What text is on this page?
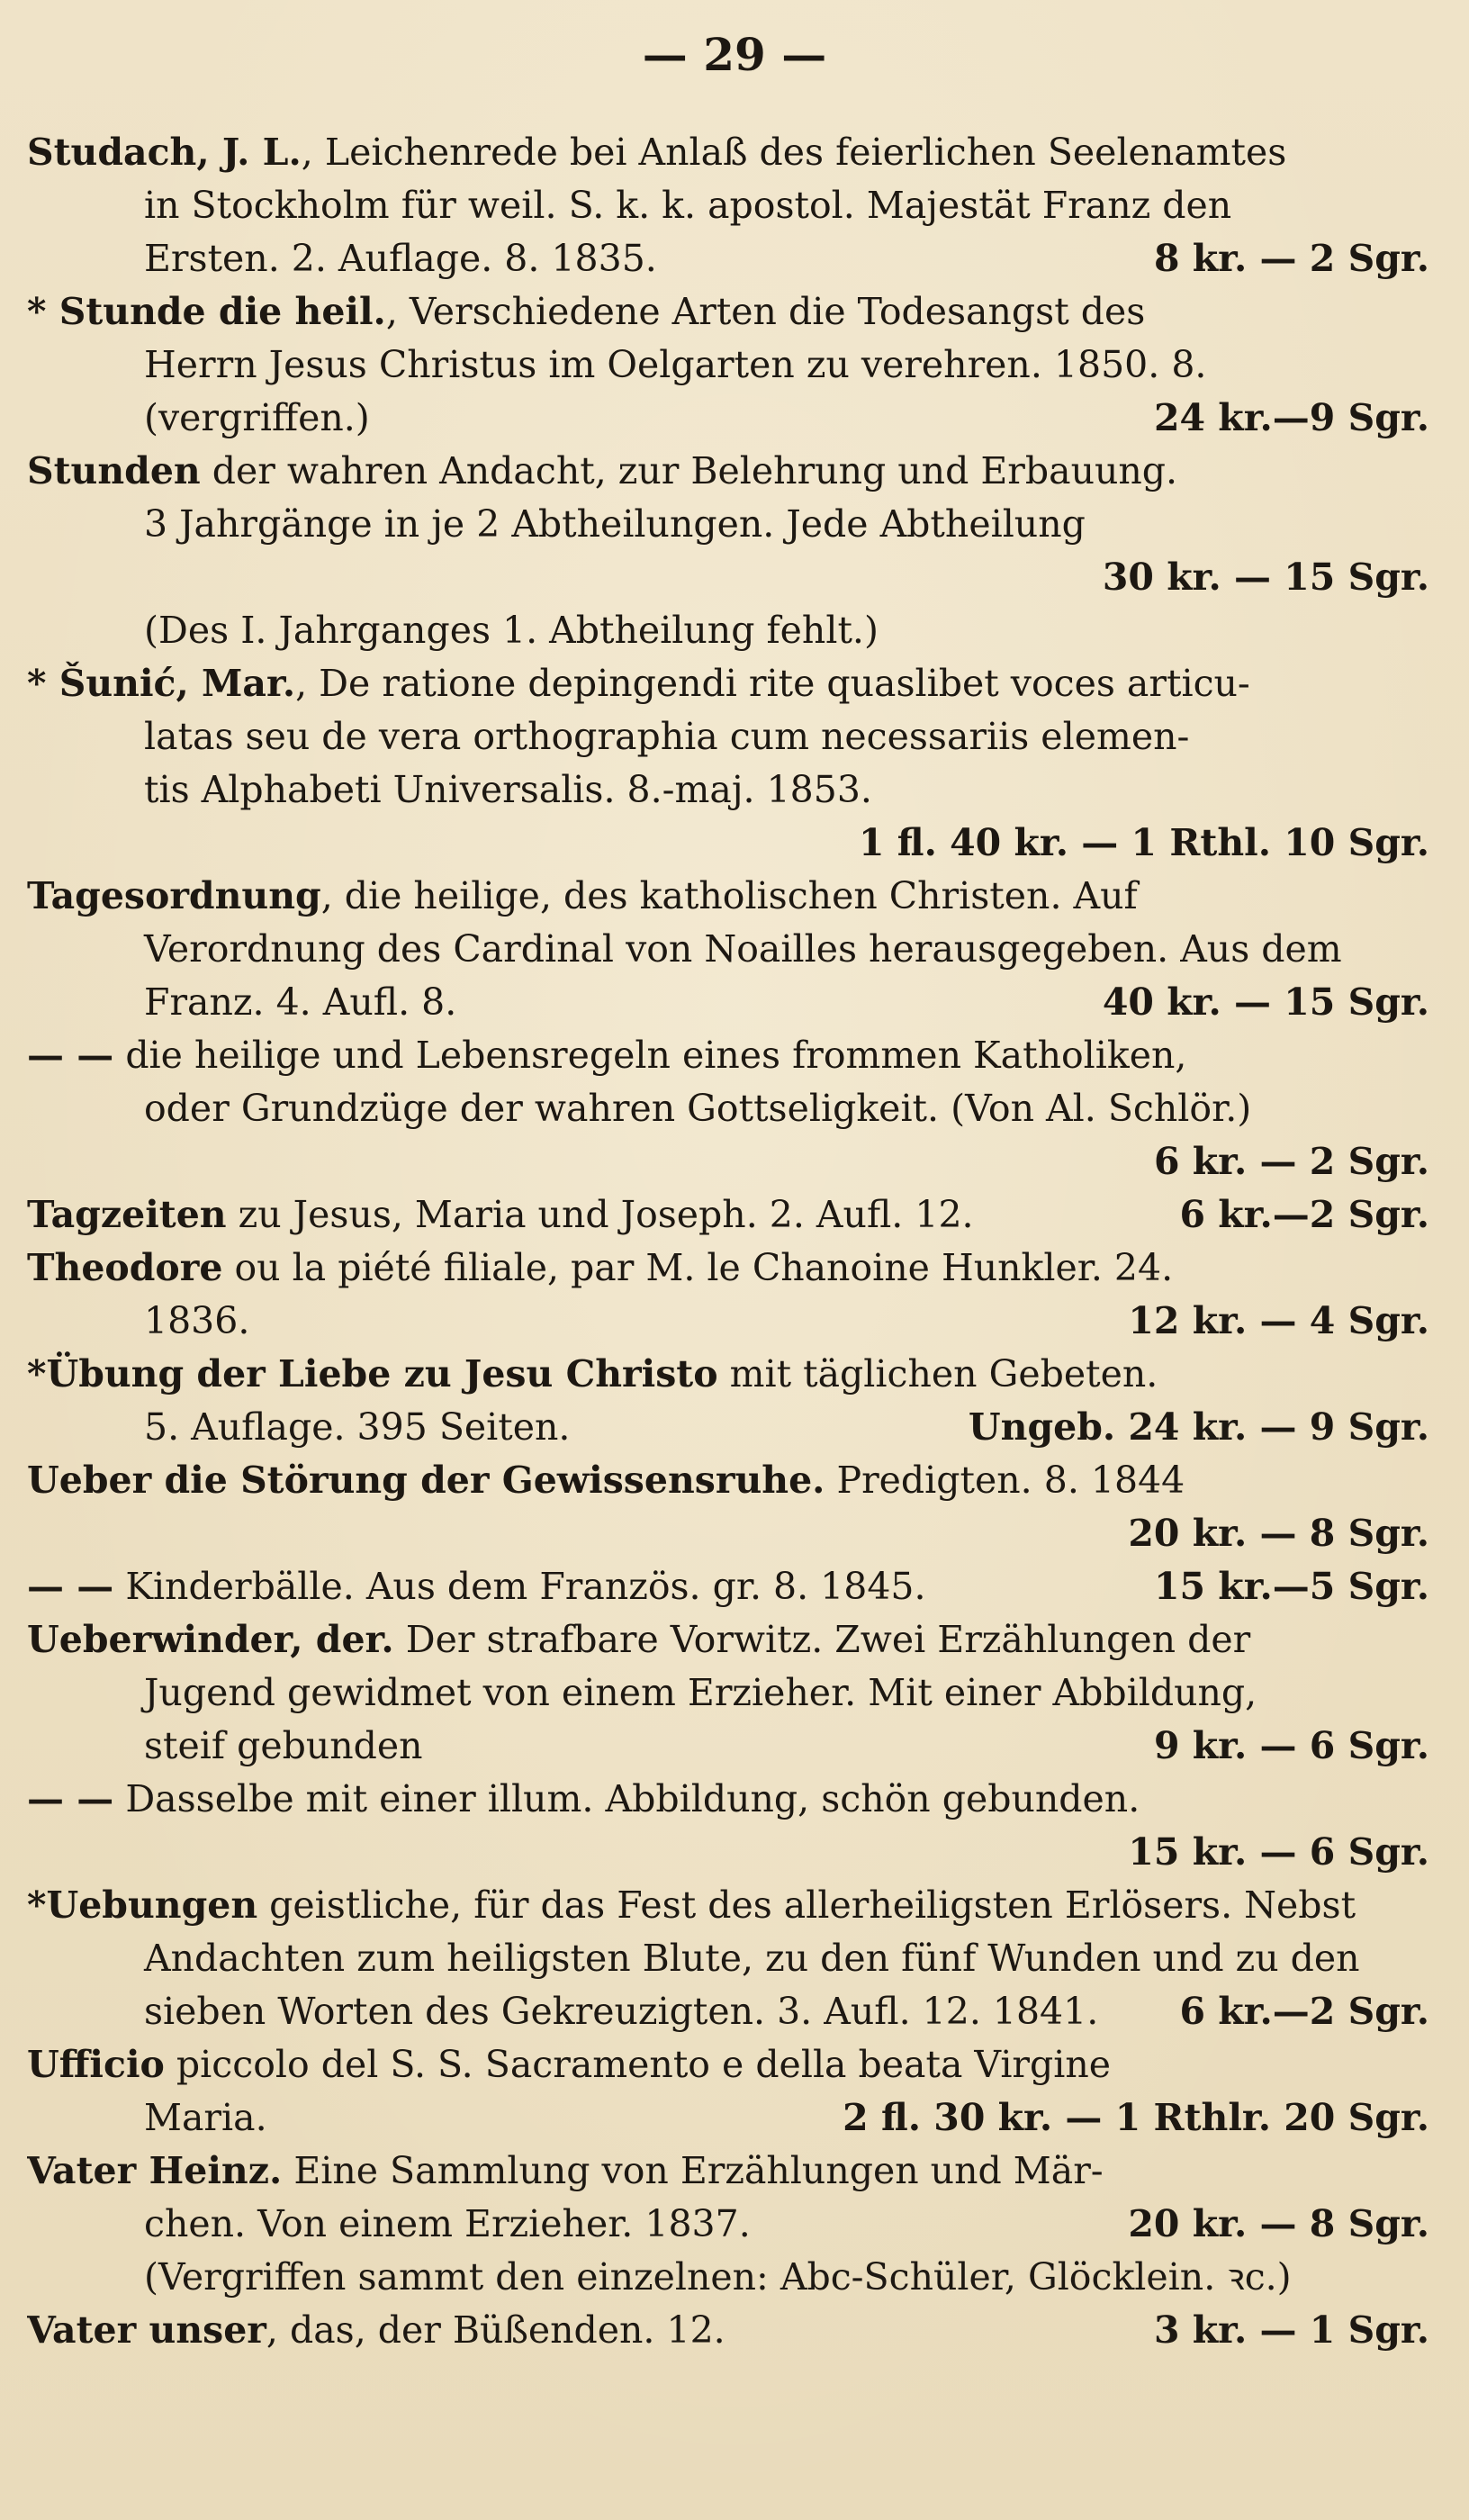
— 29 —
Studach, J. L., Leichenrede bei Anlaß des feierlichen Seelenamtes
in Stockholm für weil. S. k. k. apostol. Majestät Franz den
Ersten. 2. Auflage. 8. 1835.	8 kr. — 2 Sgr.
* Stunde die heil., Verschiedene Arten die Todesangst des
Herrn Jesus Christus im Oelgarten zu verehren. 1850. 8.
(vergriffen.)	24 kr.—9 Sgr.
Stunden der wahren Andacht, zur Belehrung und Erbauung.
3 Jahrgänge in je 2 Abtheilungen. Jede Abtheilung
30 kr. — 15 Sgr.
(Des I. Jahrganges 1. Abtheilung fehlt.)
* Šunić, Mar., De ratione depingendi rite quaslibet voces articu-
latas seu de vera orthographia cum necessariis elemen-
tis Alphabeti Universalis. 8.-maj. 1853.
1 fl. 40 kr. — 1 Rthl. 10 Sgr.
Tagesordnung, die heilige, des katholischen Christen. Auf
Verordnung des Cardinal von Noailles herausgegeben. Aus dem
Franz. 4. Aufl. 8.	40 kr. — 15 Sgr.
— — die heilige und Lebensregeln eines frommen Katholiken,
oder Grundzüge der wahren Gottseligkeit. (Von Al. Schlör.)
6 kr. — 2 Sgr.
Tagzeiten zu Jesus, Maria und Joseph. 2. Aufl. 12.	6 kr.—2 Sgr.
Theodore ou la piété filiale, par M. le Chanoine Hunkler. 24.
1836.	12 kr. — 4 Sgr.
*Übung der Liebe zu Jesu Christo mit täglichen Gebeten.
5. Auflage. 395 Seiten.	Ungeb. 24 kr. — 9 Sgr.
Ueber die Störung der Gewissensruhe. Predigten. 8. 1844
20 kr. — 8 Sgr.
— — Kinderbälle. Aus dem Französ. gr. 8. 1845.	15 kr.—5 Sgr.
Ueberwinder, der. Der strafbare Vorwitz. Zwei Erzählungen der
Jugend gewidmet von einem Erzieher. Mit einer Abbildung,
steif gebunden	9 kr. — 6 Sgr.
— — Dasselbe mit einer illum. Abbildung, schön gebunden.
15 kr. — 6 Sgr.
*Uebungen geistliche, für das Fest des allerheiligsten Erlösers. Nebst
Andachten zum heiligsten Blute, zu den fünf Wunden und zu den
sieben Worten des Gekreuzigten. 3. Aufl. 12. 1841. 6 kr.—2 Sgr.
Ufficio piccolo del S. S. Sacramento e della beata Virgine
Maria.	2 fl. 30 kr. — 1 Rthlr. 20 Sgr.
Vater Heinz. Eine Sammlung von Erzählungen und Mär-
chen. Von einem Erzieher. 1837.	20 kr. — 8 Sgr.
(Vergriffen sammt den einzelnen: Abc-Schüler, Glöcklein. ꝛc.)
Vater unser, das, der Büßenden. 12.	3 kr. — 1 Sgr.
